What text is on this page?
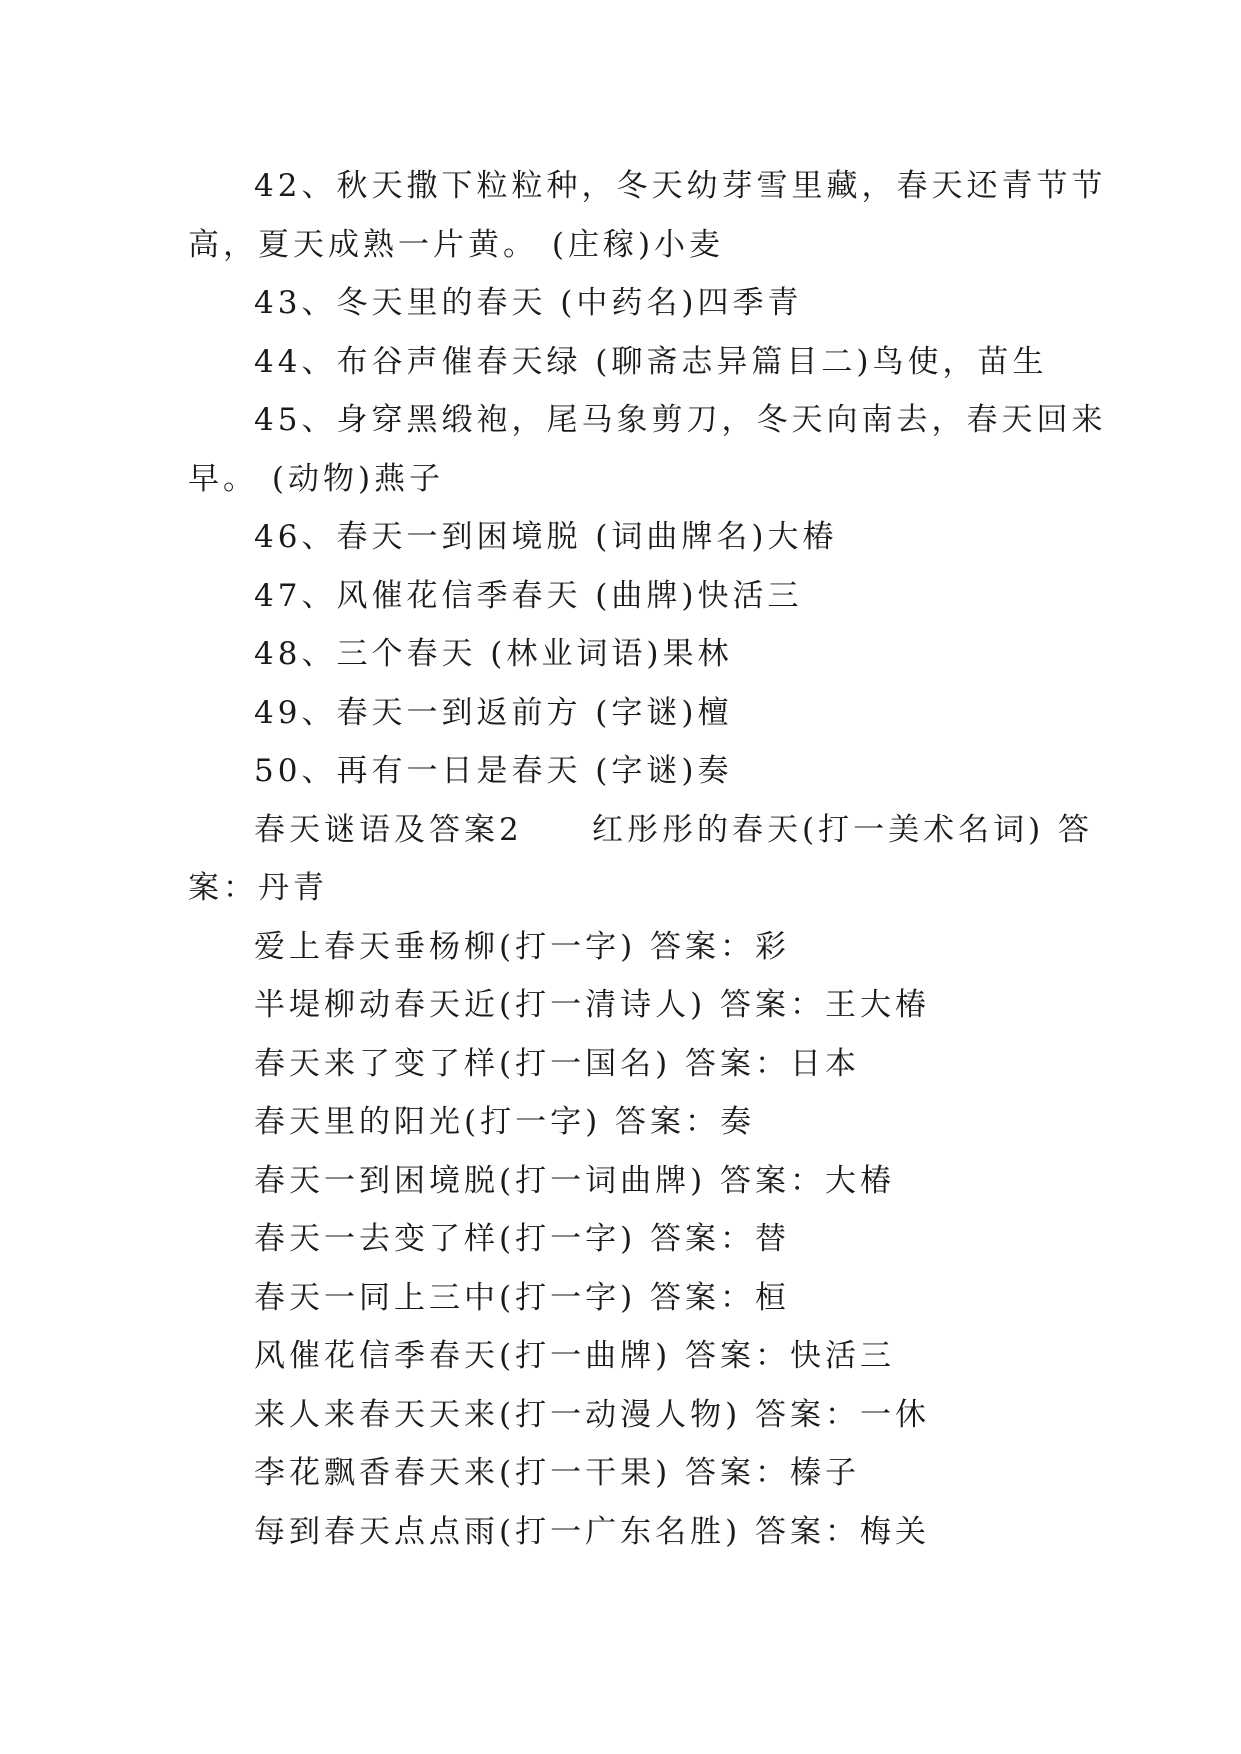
42、秋天撒下粒粒种，冬天幼芽雪里藏，春天还青节节
高，夏天成熟一片黄。 (庄稼)小麦
43、冬天里的春天 (中药名)四季青
44、布谷声催春天绿 (聊斋志异篇目二)鸟使，苗生
45、身穿黑缎袍，尾马象剪刀，冬天向南去，春天回来
早。 (动物)燕子
46、春天一到困境脱 (词曲牌名)大椿
47、风催花信季春天 (曲牌)快活三
48、三个春天 (林业词语)果林
49、春天一到返前方 (字谜)檀
50、再有一日是春天 (字谜)奏
春天谜语及答案2     红彤彤的春天(打一美术名词) 答
案：丹青
爱上春天垂杨柳(打一字) 答案：彩
半堤柳动春天近(打一清诗人) 答案：王大椿
春天来了变了样(打一国名) 答案：日本
春天里的阳光(打一字) 答案：奏
春天一到困境脱(打一词曲牌) 答案：大椿
春天一去变了样(打一字) 答案：替
春天一同上三中(打一字) 答案：桓
风催花信季春天(打一曲牌) 答案：快活三
来人来春天天来(打一动漫人物) 答案：一休
李花飘香春天来(打一干果) 答案：榛子
每到春天点点雨(打一广东名胜) 答案：梅关
